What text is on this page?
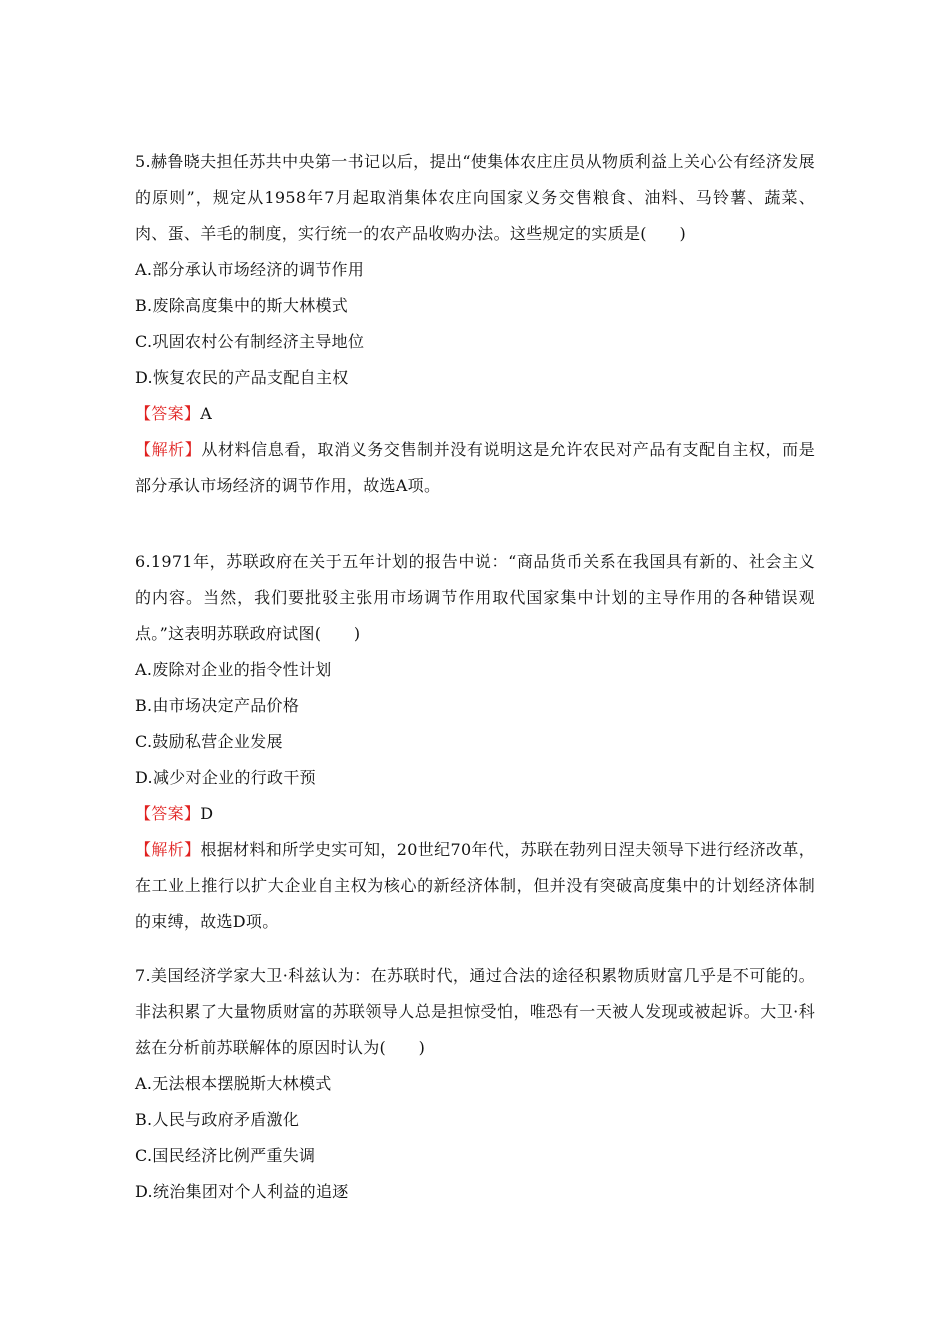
5.赫鲁晓夫担任苏共中央第一书记以后，提出“使集体农庄庄员从物质利益上关心公有经济发展的原则”，规定从1958年7月起取消集体农庄向国家义务交售粮食、油料、马铃薯、蔬菜、肉、蛋、羊毛的制度，实行统一的农产品收购办法。这些规定的实质是(　　)

A.部分承认市场经济的调节作用

B.废除高度集中的斯大林模式

C.巩固农村公有制经济主导地位

D.恢复农民的产品支配自主权

【答案】A

【解析】从材料信息看，取消义务交售制并没有说明这是允许农民对产品有支配自主权，而是部分承认市场经济的调节作用，故选A项。

6.1971年，苏联政府在关于五年计划的报告中说：“商品货币关系在我国具有新的、社会主义的内容。当然，我们要批驳主张用市场调节作用取代国家集中计划的主导作用的各种错误观点。”这表明苏联政府试图(　　)

A.废除对企业的指令性计划

B.由市场决定产品价格

C.鼓励私营企业发展

D.减少对企业的行政干预

【答案】D

【解析】根据材料和所学史实可知，20世纪70年代，苏联在勃列日涅夫领导下进行经济改革，在工业上推行以扩大企业自主权为核心的新经济体制，但并没有突破高度集中的计划经济体制的束缚，故选D项。

7.美国经济学家大卫·科兹认为：在苏联时代，通过合法的途径积累物质财富几乎是不可能的。非法积累了大量物质财富的苏联领导人总是担惊受怕，唯恐有一天被人发现或被起诉。大卫·科兹在分析前苏联解体的原因时认为(　　)

A.无法根本摆脱斯大林模式

B.人民与政府矛盾激化

C.国民经济比例严重失调

D.统治集团对个人利益的追逐
